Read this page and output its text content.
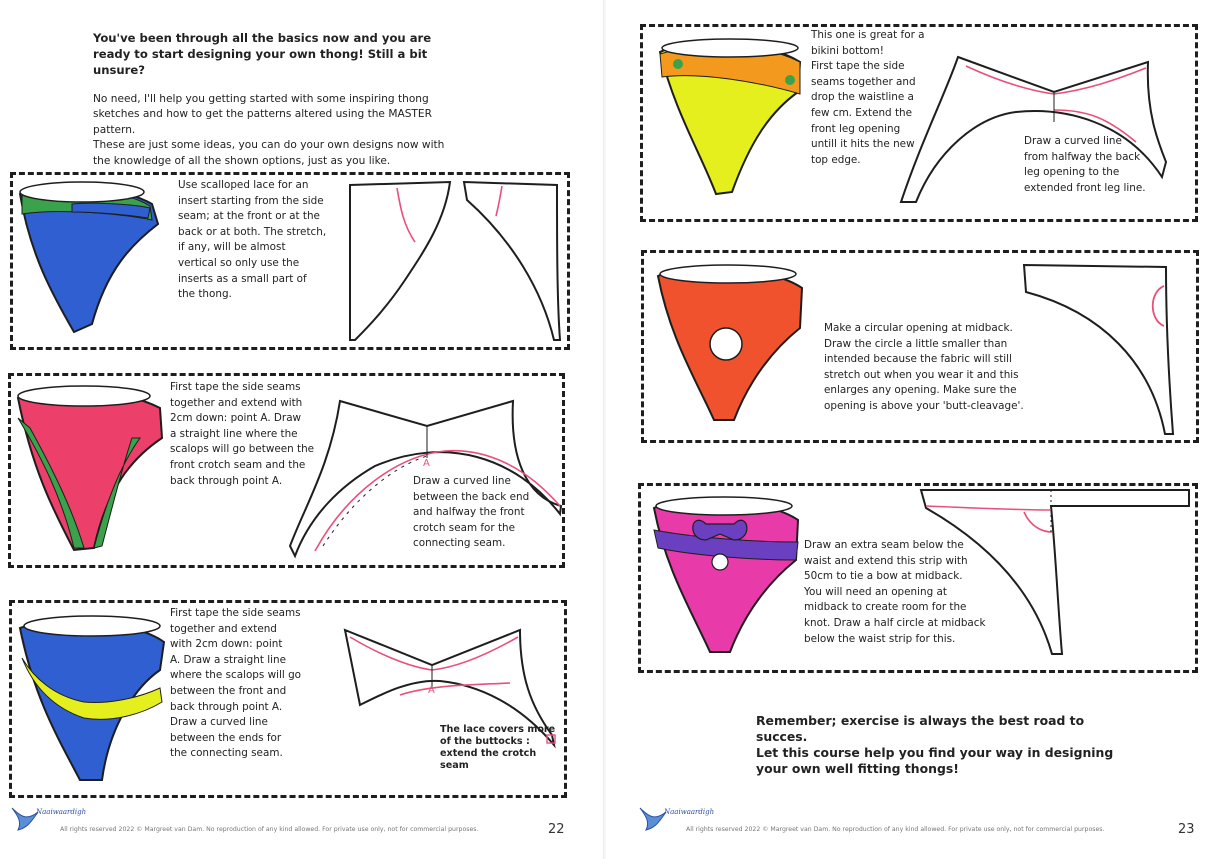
You've been through all the basics now and you are ready to start designing your own thong! Still a bit unsure?

No need, I'll help you getting started with some inspiring thong sketches and how to get the patterns altered using the MASTER pattern.

These are just some ideas, you can do your own designs now with the knowledge of all the shown options, just as you like.

Use scalloped lace for an
insert starting from the side
seam; at the front or at the
back or at both. The stretch,
if any, will be almost
vertical so only use the
inserts as a small part of
the thong.
First tape the side seams
together and extend with
2cm down: point A. Draw
a straight line where the
scalops will go between the
front crotch seam and the
back through point A.
A
Draw a curved line
between the back end
and halfway the front
crotch seam for the
connecting seam.
First tape the side seams
together and extend
with 2cm down: point
A. Draw a straight line
where the scalops will go
between the front and
back through point A.
Draw a curved line
between the ends for
the connecting seam.
A
The lace covers more
of the buttocks :
extend the crotch seam
Naaiwaardigh
All rights reserved 2022 © Margreet van Dam. No reproduction of any kind allowed. For private use only, not for commercial purposes.	22
This one is great for a
bikini bottom!
First tape the side
seams together and
drop the waistline a
few cm. Extend the
front leg opening
untill it hits the new
top edge.
Draw a curved line
from halfway the back
leg opening to the
extended front leg line.
Make a circular opening at midback.
Draw the circle a little smaller than
intended because the fabric will still
stretch out when you wear it and this
enlarges any opening. Make sure the
opening is above your 'butt-cleavage'.
Draw an extra seam below the
waist and extend this strip with
50cm to tie a bow at midback.
You will need an opening at
midback to create room for the
knot. Draw a half circle at midback
below the waist strip for this.
Remember; exercise is always the best road to succes.
Let this course help you find your way in designing
your own well fitting thongs!
Naaiwaardigh
All rights reserved 2022 © Margreet van Dam. No reproduction of any kind allowed. For private use only, not for commercial purposes.	23
